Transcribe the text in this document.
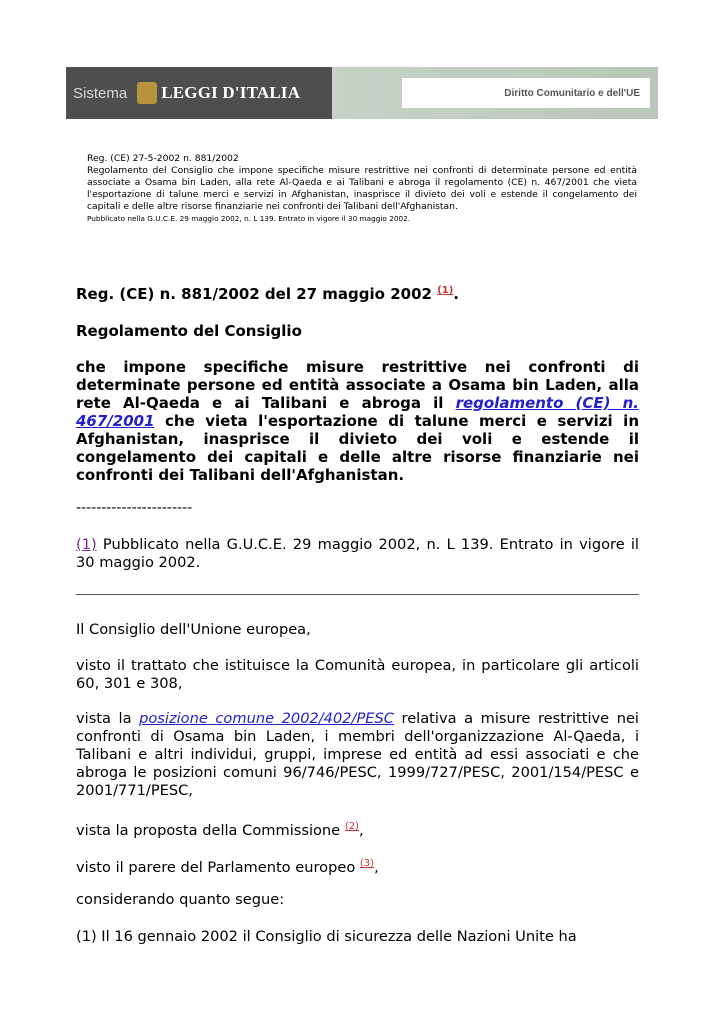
Sistema LEGGI D'ITALIA	Diritto Comunitario e dell'UE
Reg. (CE) 27-5-2002 n. 881/2002
Regolamento del Consiglio che impone specifiche misure restrittive nei confronti di determinate persone ed entità associate a Osama bin Laden, alla rete Al-Qaeda e ai Talibani e abroga il regolamento (CE) n. 467/2001 che vieta l'esportazione di talune merci e servizi in Afghanistan, inasprisce il divieto dei voli e estende il congelamento dei capitali e delle altre risorse finanziarie nei confronti dei Talibani dell'Afghanistan.
Pubblicato nella G.U.C.E. 29 maggio 2002, n. L 139. Entrato in vigore il 30 maggio 2002.
Reg. (CE) n. 881/2002 del 27 maggio 2002 $^{(1)}$.
Regolamento del Consiglio
che impone specifiche misure restrittive nei confronti di determinate persone ed entità associate a Osama bin Laden, alla rete Al-Qaeda e ai Talibani e abroga il regolamento (CE) n. 467/2001 che vieta l'esportazione di talune merci e servizi in Afghanistan, inasprisce il divieto dei voli e estende il congelamento dei capitali e delle altre risorse finanziarie nei confronti dei Talibani dell'Afghanistan.
-----------------------
(1) Pubblicato nella G.U.C.E. 29 maggio 2002, n. L 139. Entrato in vigore il 30 maggio 2002.
Il Consiglio dell'Unione europea,
visto il trattato che istituisce la Comunità europea, in particolare gli articoli 60, 301 e 308,
vista la posizione comune 2002/402/PESC relativa a misure restrittive nei confronti di Osama bin Laden, i membri dell'organizzazione Al-Qaeda, i Talibani e altri individui, gruppi, imprese ed entità ad essi associati e che abroga le posizioni comuni 96/746/PESC, 1999/727/PESC, 2001/154/PESC e 2001/771/PESC,
vista la proposta della Commissione $^{(2)}$,
visto il parere del Parlamento europeo $^{(3)}$,
considerando quanto segue:
(1) Il 16 gennaio 2002 il Consiglio di sicurezza delle Nazioni Unite ha
